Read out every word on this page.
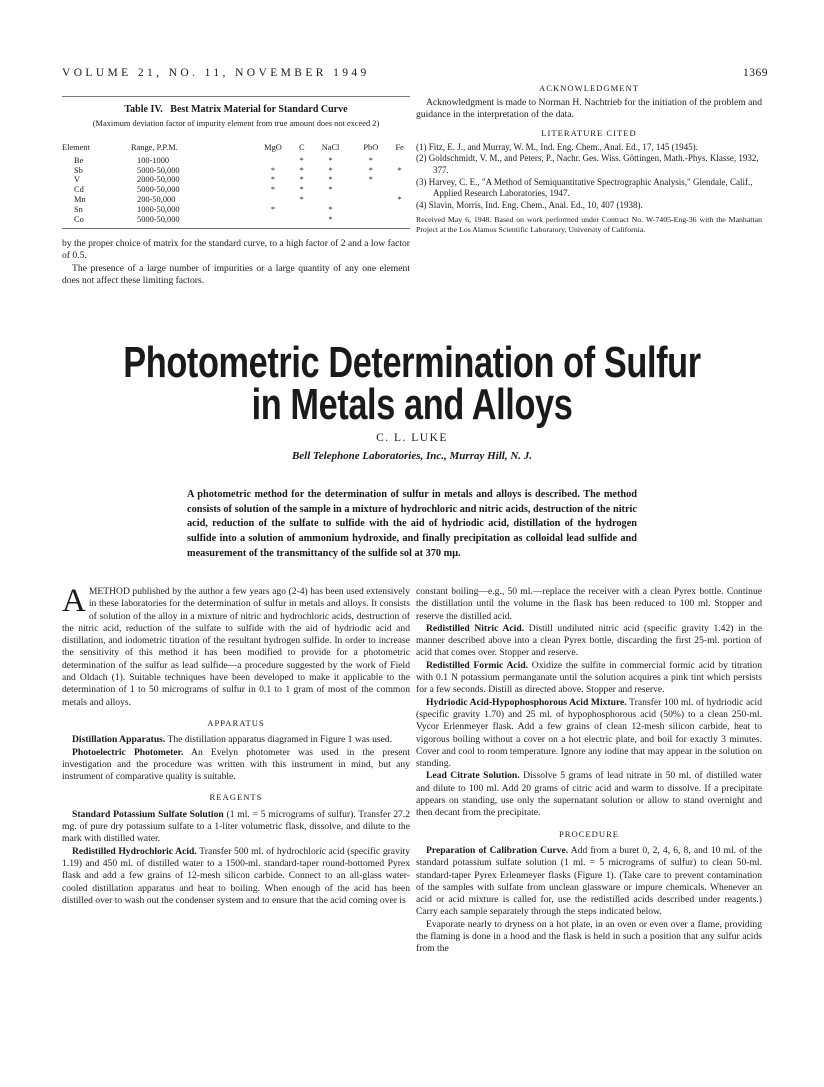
VOLUME 21, NO. 11, NOVEMBER 1949	1369
Table IV. Best Matrix Material for Standard Curve
(Maximum deviation factor of impurity element from true amount does not exceed 2)
Element	Range, P.P.M.	MgO	C	NaCl	PbO	Fe
Be	100-1000		*	*	*	
Sb	5000-50,000	*	*	*	*	*
V	2000-50,000	*	*	*	*	
Cd	5000-50,000	*	*	*		
Mn	200-50,000		*			*
Sn	1000-50,000	*		*		
Co	5000-50,000			*		

by the proper choice of matrix for the standard curve, to a high factor of 2 and a low factor of 0.5.

The presence of a large number of impurities or a large quantity of any one element does not affect these limiting factors.

ACKNOWLEDGMENT

Acknowledgment is made to Norman H. Nachtrieb for the initiation of the problem and guidance in the interpretation of the data.

LITERATURE CITED
(1) Fitz, E. J., and Murray, W. M., Ind. Eng. Chem., Anal. Ed., 17, 145 (1945).
(2) Goldschmidt, V. M., and Peters, P., Nachr. Ges. Wiss. Göttingen, Math.-Phys. Klasse, 1932, 377.
(3) Harvey, C. E., "A Method of Semiquantitative Spectrographic Analysis," Glendale, Calif., Applied Research Laboratories, 1947.
(4) Slavin, Morris, Ind. Eng. Chem., Anal. Ed., 10, 407 (1938).
Received May 6, 1948. Based on work performed under Contract No. W-7405-Eng-36 with the Manhattan Project at the Los Alamos Scientific Laboratory, University of California.
Photometric Determination of Sulfur
in Metals and Alloys
C. L. LUKE
Bell Telephone Laboratories, Inc., Murray Hill, N. J.
A photometric method for the determination of sulfur in metals and alloys is described. The method consists of solution of the sample in a mixture of hydrochloric and nitric acids, destruction of the nitric acid, reduction of the sulfate to sulfide with the aid of hydriodic acid, distillation of the hydrogen sulfide into a solution of ammonium hydroxide, and finally precipitation as colloidal lead sulfide and measurement of the transmittancy of the sulfide sol at 370 mμ.

AMETHOD published by the author a few years ago (2-4) has been used extensively in these laboratories for the determination of sulfur in metals and alloys. It consists of solution of the alloy in a mixture of nitric and hydrochloric acids, destruction of the nitric acid, reduction of the sulfate to sulfide with the aid of hydriodic acid and distillation, and iodometric titration of the resultant hydrogen sulfide. In order to increase the sensitivity of this method it has been modified to provide for a photometric determination of the sulfur as lead sulfide—a procedure suggested by the work of Field and Oldach (1). Suitable techniques have been developed to make it applicable to the determination of 1 to 50 micrograms of sulfur in 0.1 to 1 gram of most of the common metals and alloys.

APPARATUS

Distillation Apparatus. The distillation apparatus diagramed in Figure 1 was used.

Photoelectric Photometer. An Evelyn photometer was used in the present investigation and the procedure was written with this instrument in mind, but any instrument of comparative quality is suitable.

REAGENTS

Standard Potassium Sulfate Solution (1 ml. = 5 micrograms of sulfur). Transfer 27.2 mg. of pure dry potassium sulfate to a 1-liter volumetric flask, dissolve, and dilute to the mark with distilled water.

Redistilled Hydrochloric Acid. Transfer 500 ml. of hydrochloric acid (specific gravity 1.19) and 450 ml. of distilled water to a 1500-ml. standard-taper round-bottomed Pyrex flask and add a few grains of 12-mesh silicon carbide. Connect to an all-glass water-cooled distillation apparatus and heat to boiling. When enough of the acid has been distilled over to wash out the condenser system and to ensure that the acid coming over is

constant boiling—e.g., 50 ml.—replace the receiver with a clean Pyrex bottle. Continue the distillation until the volume in the flask has been reduced to 100 ml. Stopper and reserve the distilled acid.

Redistilled Nitric Acid. Distill undiluted nitric acid (specific gravity 1.42) in the manner described above into a clean Pyrex bottle, discarding the first 25-ml. portion of acid that comes over. Stopper and reserve.

Redistilled Formic Acid. Oxidize the sulfite in commercial formic acid by titration with 0.1 N potassium permanganate until the solution acquires a pink tint which persists for a few seconds. Distill as directed above. Stopper and reserve.

Hydriodic Acid-Hypophosphorous Acid Mixture. Transfer 100 ml. of hydriodic acid (specific gravity 1.70) and 25 ml. of hypophosphorous acid (50%) to a clean 250-ml. Vycor Erlenmeyer flask. Add a few grains of clean 12-mesh silicon carbide, heat to vigorous boiling without a cover on a hot electric plate, and boil for exactly 3 minutes. Cover and cool to room temperature. Ignore any iodine that may appear in the solution on standing.

Lead Citrate Solution. Dissolve 5 grams of lead nitrate in 50 ml. of distilled water and dilute to 100 ml. Add 20 grams of citric acid and warm to dissolve. If a precipitate appears on standing, use only the supernatant solution or allow to stand overnight and then decant from the precipitate.

PROCEDURE

Preparation of Calibration Curve. Add from a buret 0, 2, 4, 6, 8, and 10 ml. of the standard potassium sulfate solution (1 ml. = 5 micrograms of sulfur) to clean 50-ml. standard-taper Pyrex Erlenmeyer flasks (Figure 1). (Take care to prevent contamination of the samples with sulfate from unclean glassware or impure chemicals. Whenever an acid or acid mixture is called for, use the redistilled acids described under reagents.) Carry each sample separately through the steps indicated below.

Evaporate nearly to dryness on a hot plate, in an oven or even over a flame, providing the flaming is done in a hood and the flask is held in such a position that any sulfur acids from the
